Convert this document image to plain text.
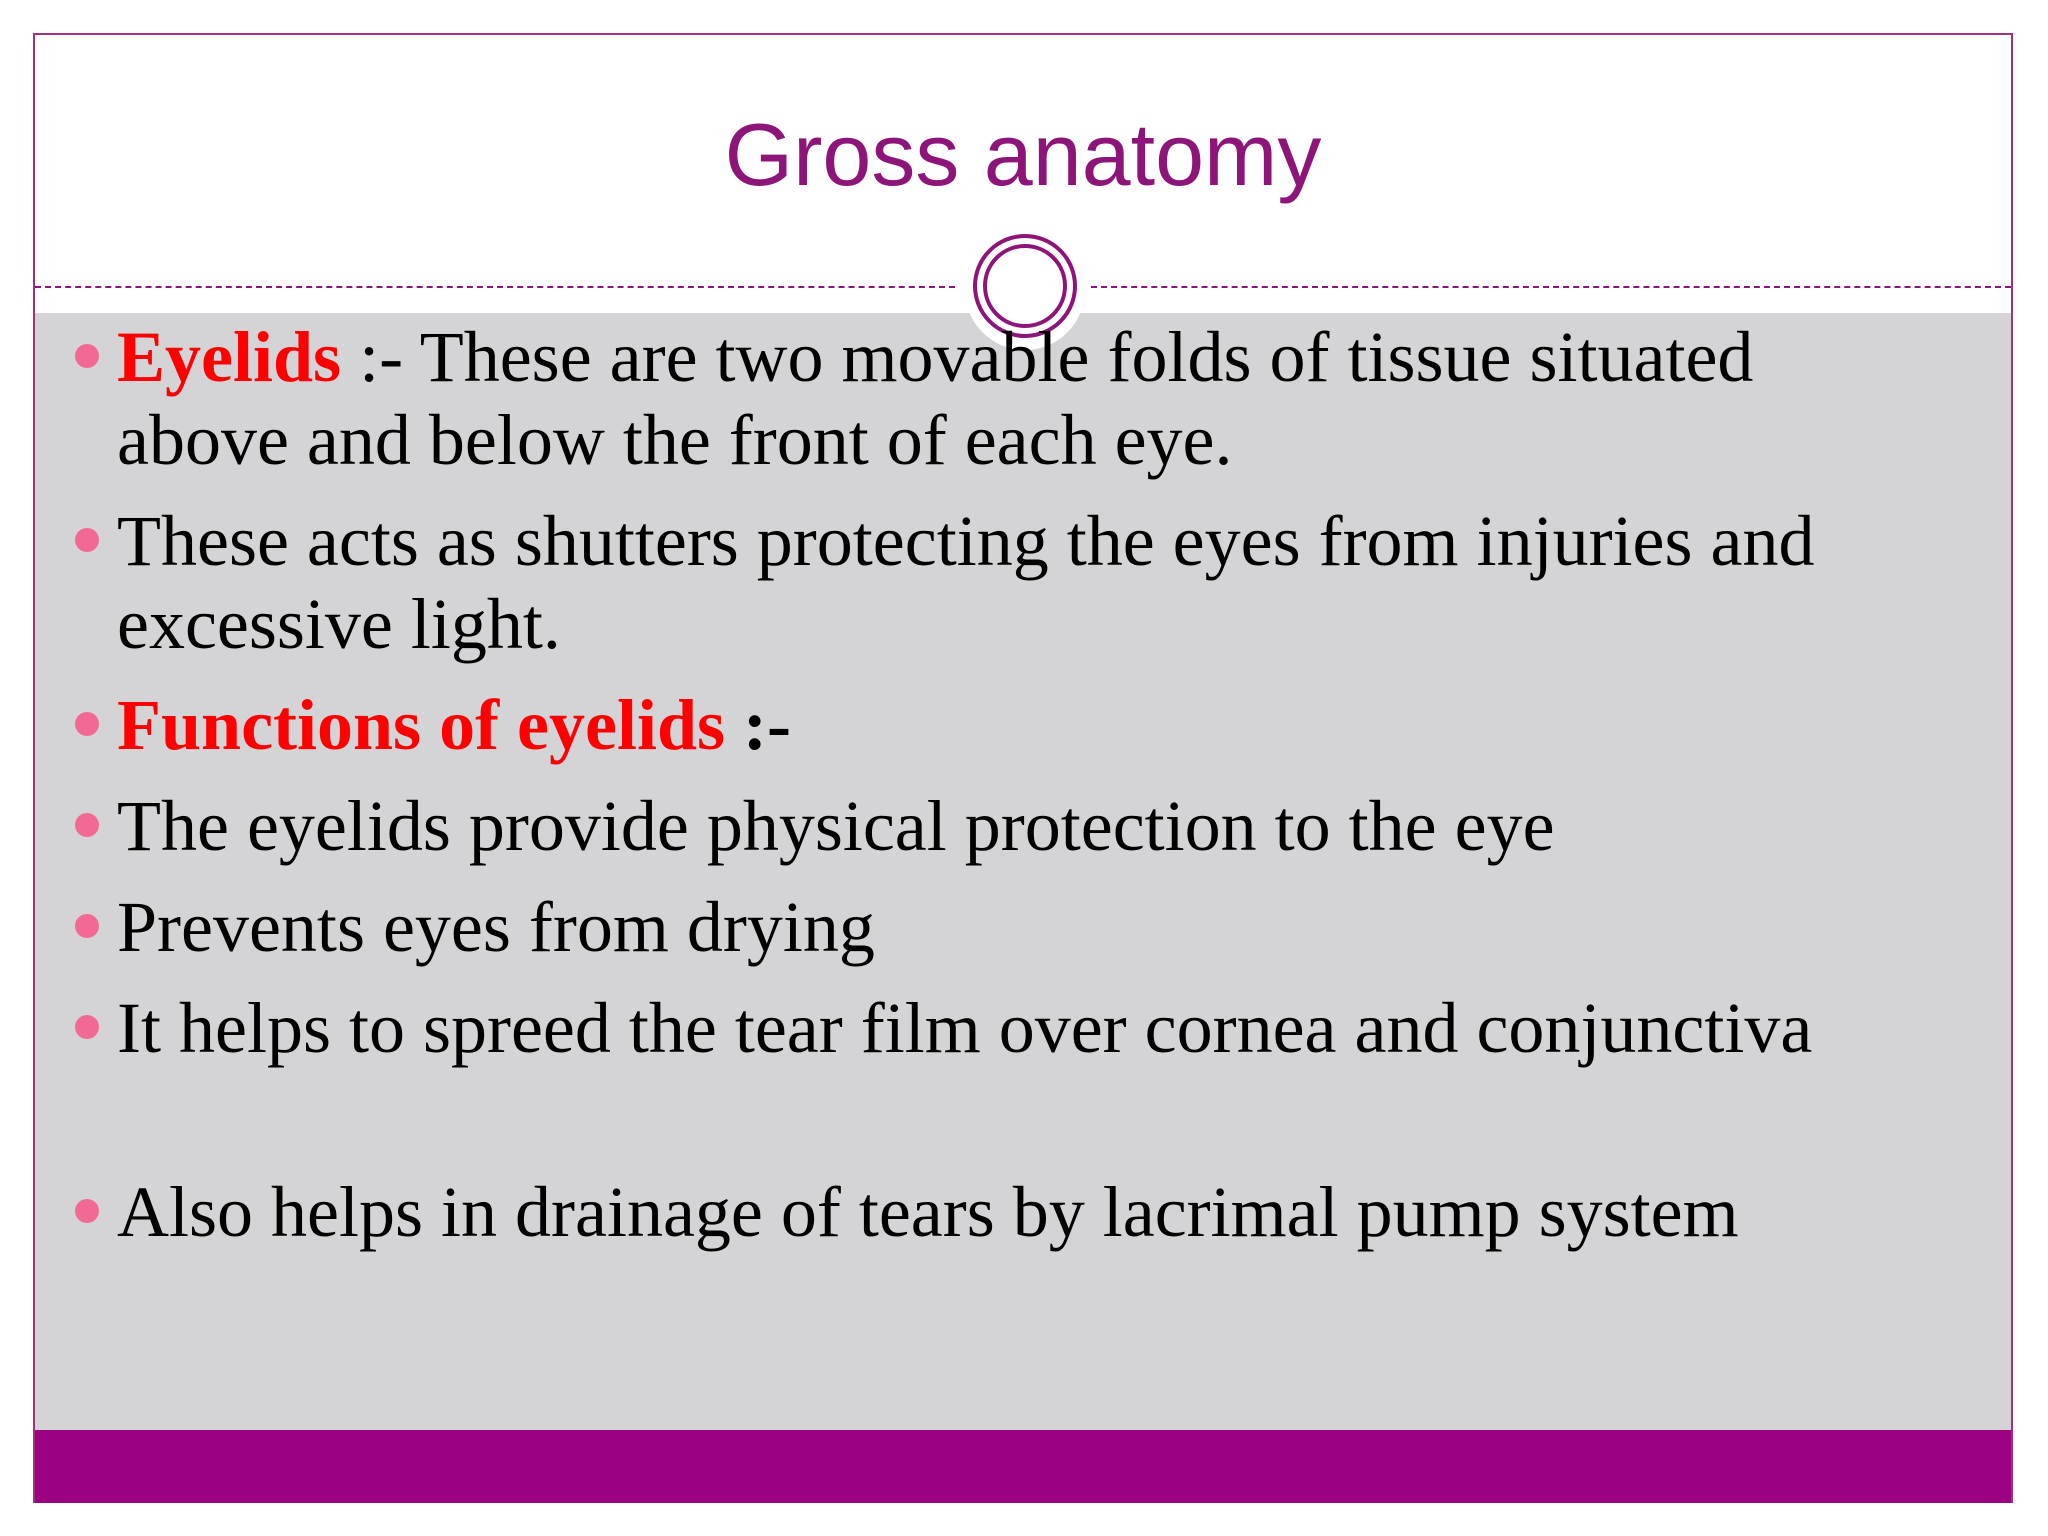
Gross anatomy
Eyelids :- These are two movable folds of tissue situated above and below the front of each eye.
These acts as shutters protecting the eyes from injuries and excessive light.
Functions of eyelids :-
The eyelids provide physical protection to the eye
Prevents eyes from drying
It helps to spreed the tear film over cornea and conjunctiva
Also helps in drainage of tears by lacrimal pump system
